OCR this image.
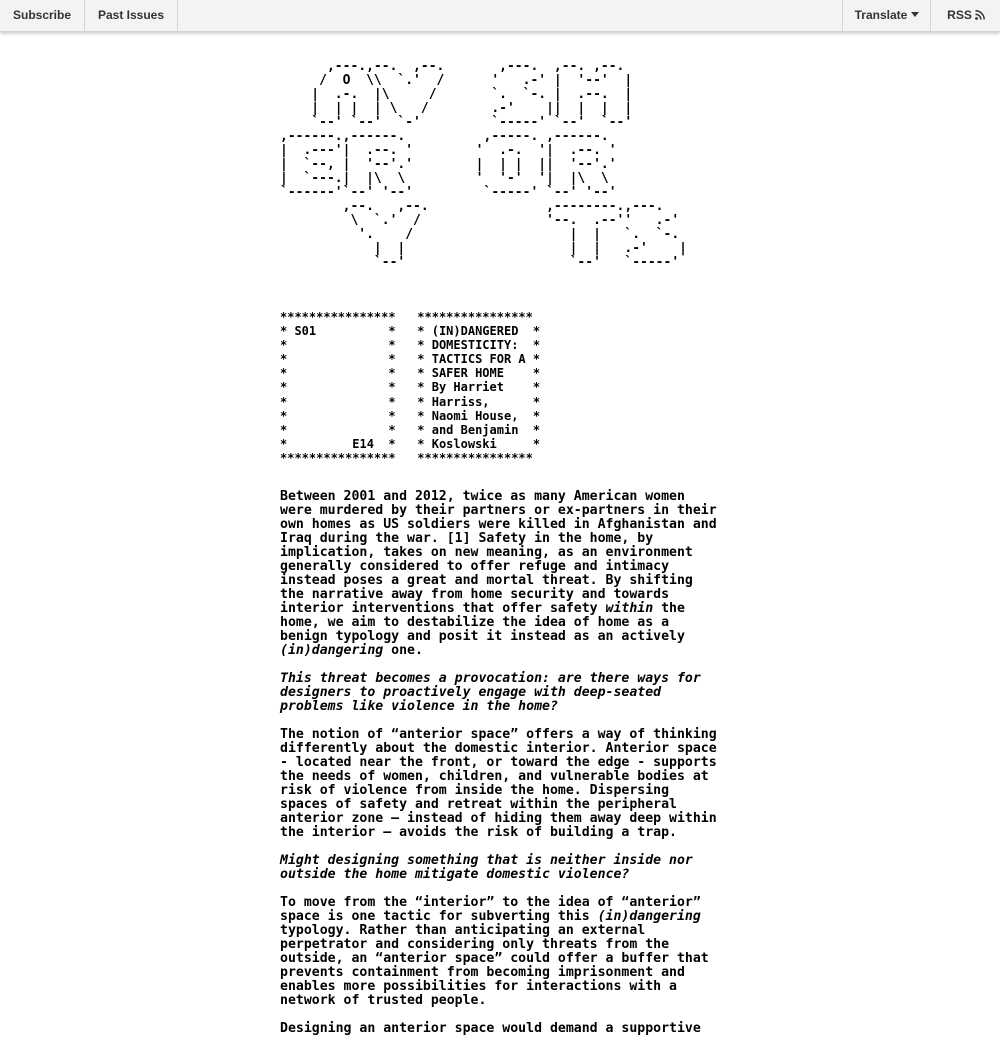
Subscribe	Past Issues	Translate	RSS
,---.,--.  ,--.       ,---.  ,--. ,--.
/  O  \\  `.'  /      '   .-' |  '--'  |
|  .-.  |\     /       `.  `-. |  .--.  |
|  | |  | \   /        .-'    ||  |  |  |
`--' `--'  `-'         `-----' `--'  `--'
,------.,------.          ,-----. ,------.
|  .---'|  .--. '        '  .-.  '|  .--. '
|  `--, |  '--'.'        |  | |  ||  '--'.'
|  `---.|  |\  \         '  '-'  '|  |\  \
`------'`--' '--'         `-----' `--' '--'
,--.   ,--.               ,--------.,---.
\  `.'  /                '--.  .--''   .-'
'.    /                    |  |   `.  `-.
|  |                     |  |   .-'    |
`--'                     `--'   `-----'
****************   ****************
* S01          *   * (IN)DANGERED  *
*              *   * DOMESTICITY:  *
*              *   * TACTICS FOR A *
*              *   * SAFER HOME    *
*              *   * By Harriet    *
*              *   * Harriss,      *
*              *   * Naomi House,  *
*              *   * and Benjamin  *
*         E14  *   * Koslowski     *
****************   ****************

Between 2001 and 2012, twice as many American women were murdered by their partners or ex-partners in their own homes as US soldiers were killed in Afghanistan and Iraq during the war. [1] Safety in the home, by implication, takes on new meaning, as an environment generally considered to offer refuge and intimacy instead poses a great and mortal threat. By shifting the narrative away from home security and towards interior interventions that offer safety within the home, we aim to destabilize the idea of home as a benign typology and posit it instead as an actively (in)dangering one.

This threat becomes a provocation: are there ways for designers to proactively engage with deep-seated problems like violence in the home?

The notion of “anterior space” offers a way of thinking differently about the domestic interior. Anterior space - located near the front, or toward the edge - supports the needs of women, children, and vulnerable bodies at risk of violence from inside the home. Dispersing spaces of safety and retreat within the peripheral anterior zone – instead of hiding them away deep within the interior – avoids the risk of building a trap.

Might designing something that is neither inside nor outside the home mitigate domestic violence?

To move from the “interior” to the idea of “anterior” space is one tactic for subverting this (in)dangering typology. Rather than anticipating an external perpetrator and considering only threats from the outside, an “anterior space” could offer a buffer that prevents containment from becoming imprisonment and enables more possibilities for interactions with a network of trusted people.

Designing an anterior space would demand a supportive
